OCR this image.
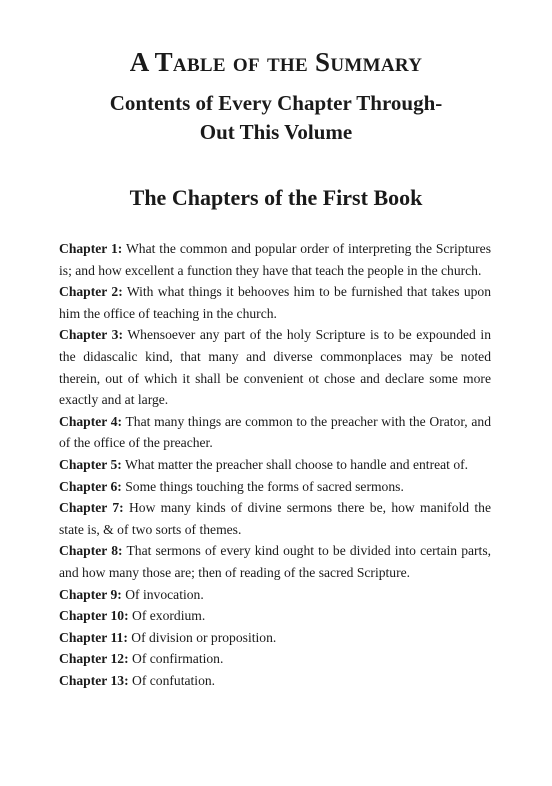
A Table of the Summary
Contents of Every Chapter Through-
Out This Volume
The Chapters of the First Book
Chapter 1: What the common and popular order of interpreting the Scriptures is; and how excellent a function they have that teach the people in the church.
Chapter 2: With what things it behooves him to be furnished that takes upon him the office of teaching in the church.
Chapter 3: Whensoever any part of the holy Scripture is to be expounded in the didascalic kind, that many and diverse commonplaces may be noted therein, out of which it shall be convenient ot chose and declare some more exactly and at large.
Chapter 4: That many things are common to the preacher with the Orator, and of the office of the preacher.
Chapter 5: What matter the preacher shall choose to handle and entreat of.
Chapter 6: Some things touching the forms of sacred sermons.
Chapter 7: How many kinds of divine sermons there be, how manifold the state is, & of two sorts of themes.
Chapter 8: That sermons of every kind ought to be divided into certain parts, and how many those are; then of reading of the sacred Scripture.
Chapter 9: Of invocation.
Chapter 10: Of exordium.
Chapter 11: Of division or proposition.
Chapter 12: Of confirmation.
Chapter 13: Of confutation.
